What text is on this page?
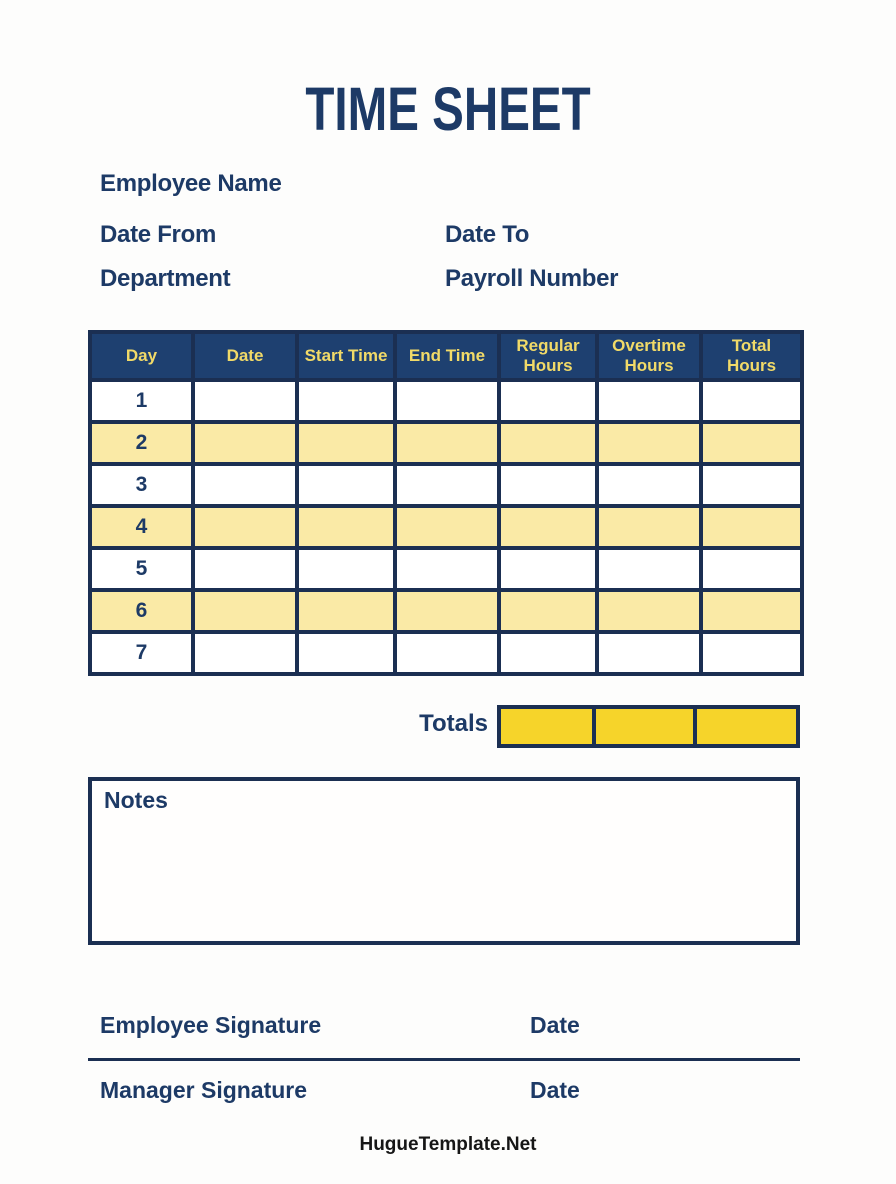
TIME SHEET
Employee Name
Date From	Date To
Department	Payroll Number
Day	Date	Start Time	End Time	Regular Hours	Overtime Hours	Total Hours
1						
2						
3						
4						
5						
6						
7						
Totals
Notes
Employee Signature	Date
Manager Signature	Date
HugueTemplate.Net
